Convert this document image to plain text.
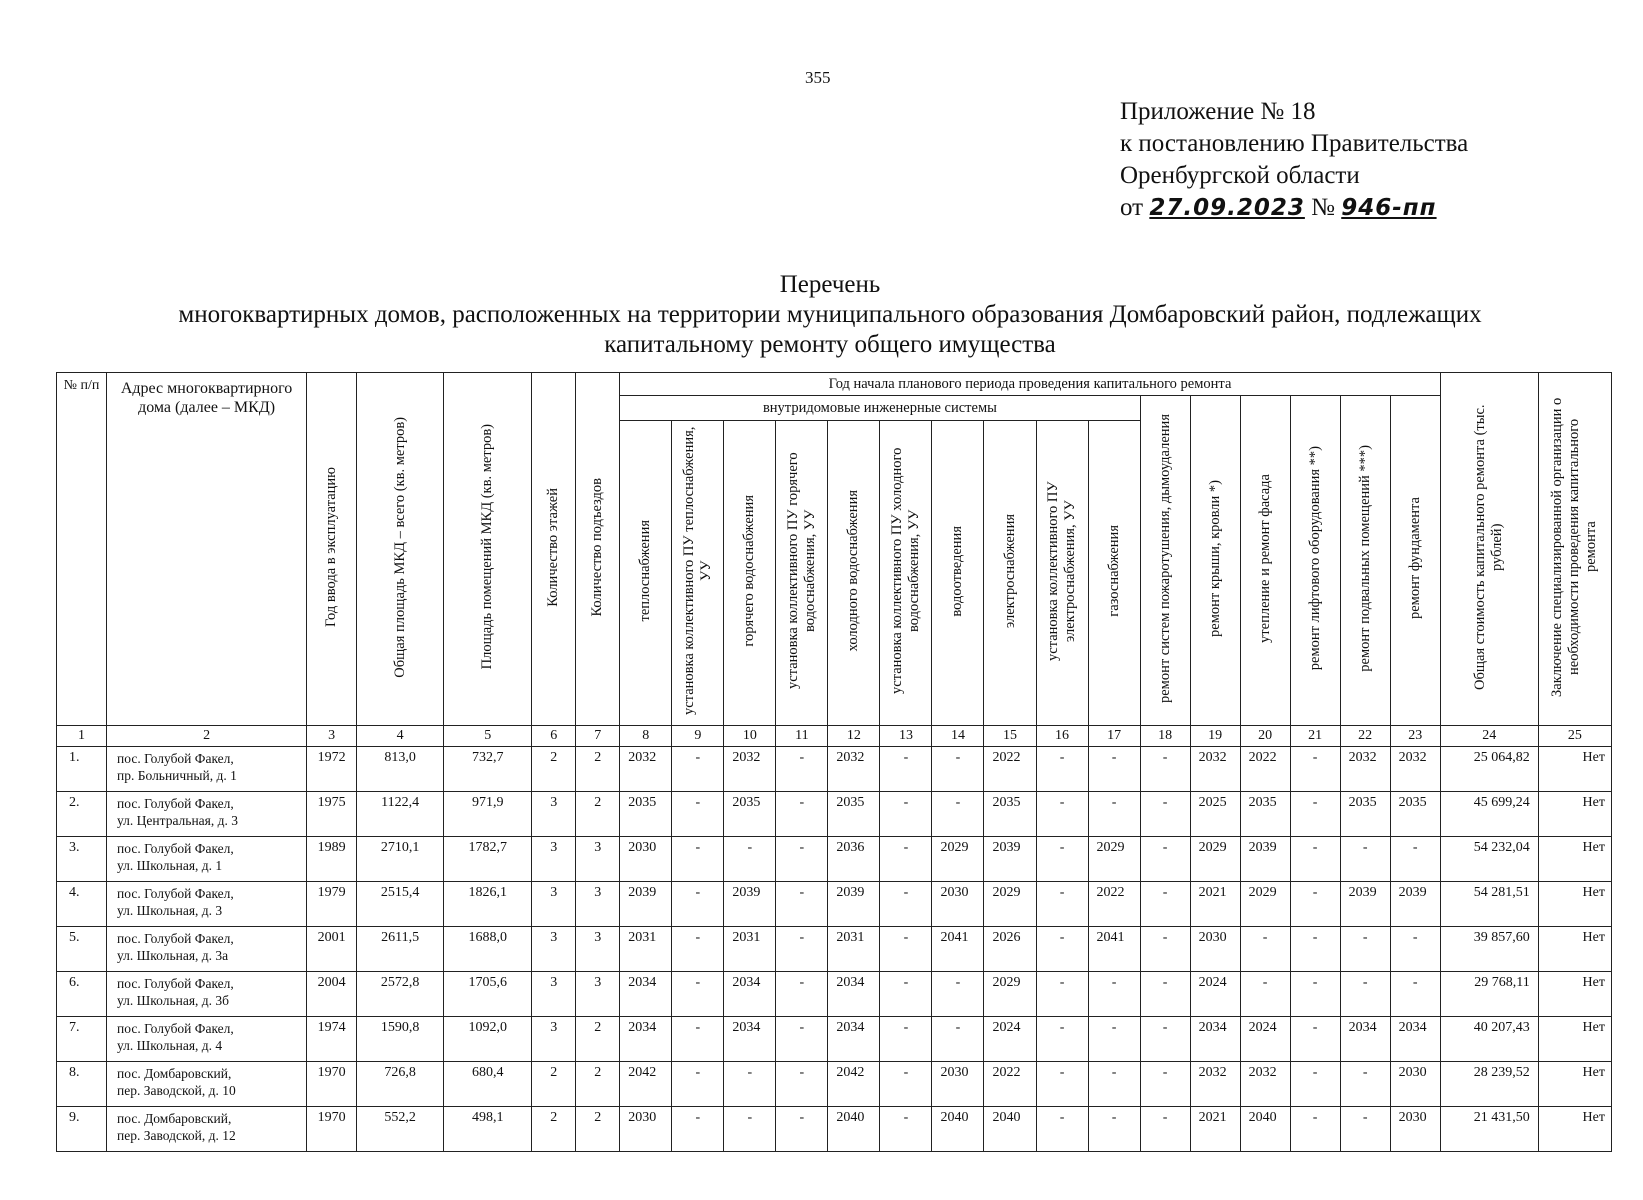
355
Приложение № 18
к постановлению Правительства
Оренбургской области
от 27.09.2023 № 946-пп
Перечень
многоквартирных домов, расположенных на территории муниципального образования Домбаровский район, подлежащих
капитальному ремонту общего имущества
№ п/п	Адрес многоквартирного дома (далее – МКД)	Год ввода в эксплуатацию	Общая площадь МКД – всего (кв. метров)	Площадь помещений МКД (кв. метров)	Количество этажей	Количество подъездов	Год начала планового периода проведения капитального ремонта																Общая стоимость капитального ремонта (тыс. рублей)	Заключение специализированной организации о необходимости проведения капитального ремонта
							внутридомовые инженерные системы										ремонт систем пожаротушения, дымоудаления	ремонт крыши, кровли *)	утепление и ремонт фасада	ремонт лифтового оборудования **)	ремонт подвальных помещений ***)	ремонт фундамента		
							теплоснабжения	установка коллективного ПУ теплоснабжения, УУ	горячего водоснабжения	установка коллективного ПУ горячего водоснабжения, УУ	холодного водоснабжения	установка коллективного ПУ холодного водоснабжения, УУ	водоотведения	электроснабжения	установка коллективного ПУ электроснабжения, УУ	газоснабжения								
1	2	3	4	5	6	7	8	9	10	11	12	13	14	15	16	17	18	19	20	21	22	23	24	25
1.	пос. Голубой Факел,
пр. Больничный, д. 1	1972	813,0	732,7	2	2	2032	-	2032	-	2032	-	-	2022	-	-	-	2032	2022	-	2032	2032	25 064,82	Нет
2.	пос. Голубой Факел,
ул. Центральная, д. 3	1975	1122,4	971,9	3	2	2035	-	2035	-	2035	-	-	2035	-	-	-	2025	2035	-	2035	2035	45 699,24	Нет
3.	пос. Голубой Факел,
ул. Школьная, д. 1	1989	2710,1	1782,7	3	3	2030	-	-	-	2036	-	2029	2039	-	2029	-	2029	2039	-	-	-	54 232,04	Нет
4.	пос. Голубой Факел,
ул. Школьная, д. 3	1979	2515,4	1826,1	3	3	2039	-	2039	-	2039	-	2030	2029	-	2022	-	2021	2029	-	2039	2039	54 281,51	Нет
5.	пос. Голубой Факел,
ул. Школьная, д. 3а	2001	2611,5	1688,0	3	3	2031	-	2031	-	2031	-	2041	2026	-	2041	-	2030	-	-	-	-	39 857,60	Нет
6.	пос. Голубой Факел,
ул. Школьная, д. 3б	2004	2572,8	1705,6	3	3	2034	-	2034	-	2034	-	-	2029	-	-	-	2024	-	-	-	-	29 768,11	Нет
7.	пос. Голубой Факел,
ул. Школьная, д. 4	1974	1590,8	1092,0	3	2	2034	-	2034	-	2034	-	-	2024	-	-	-	2034	2024	-	2034	2034	40 207,43	Нет
8.	пос. Домбаровский,
пер. Заводской, д. 10	1970	726,8	680,4	2	2	2042	-	-	-	2042	-	2030	2022	-	-	-	2032	2032	-	-	2030	28 239,52	Нет
9.	пос. Домбаровский,
пер. Заводской, д. 12	1970	552,2	498,1	2	2	2030	-	-	-	2040	-	2040	2040	-	-	-	2021	2040	-	-	2030	21 431,50	Нет
